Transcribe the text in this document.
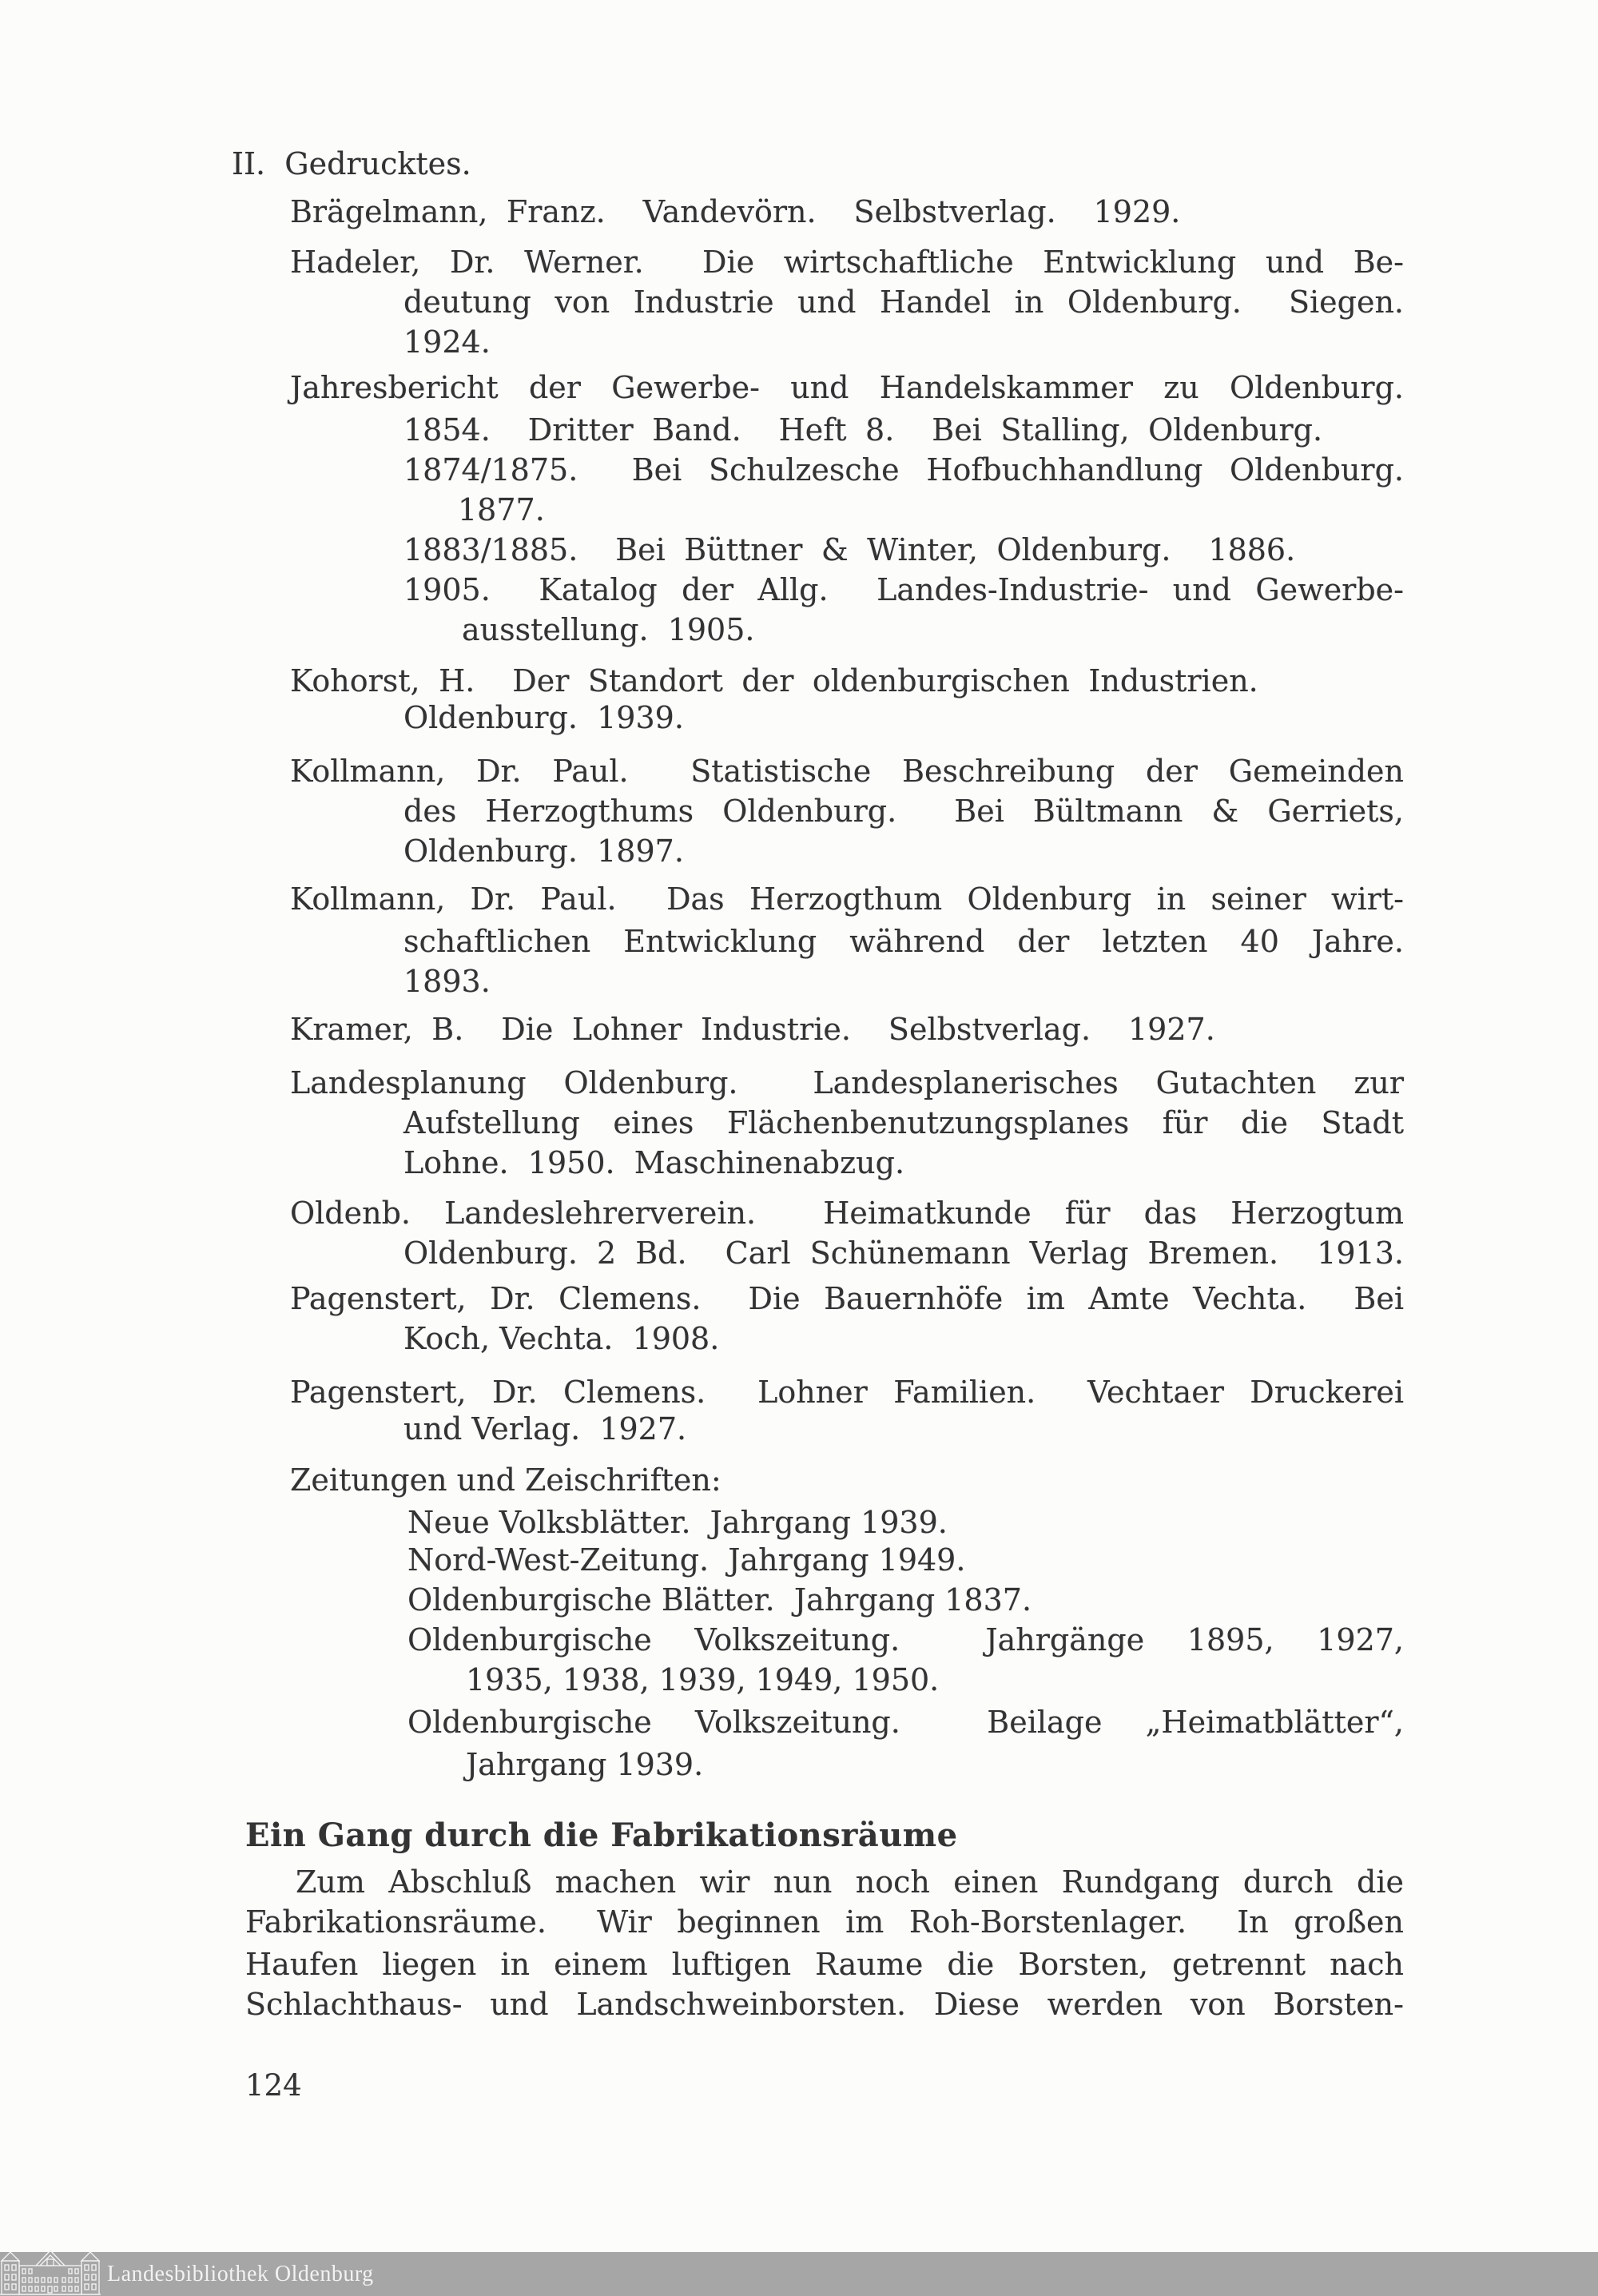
II.  Gedrucktes.
Brägelmann, Franz.  Vandevörn.  Selbstverlag.  1929.
Hadeler, Dr. Werner.  Die wirtschaftliche Entwicklung und Be-
deutung von Industrie und Handel in Oldenburg.  Siegen.
1924.
Jahresbericht der Gewerbe- und Handelskammer zu Oldenburg.
1854.  Dritter Band.  Heft 8.  Bei Stalling, Oldenburg.
1874/1875.  Bei Schulzesche Hofbuchhandlung Oldenburg.
1877.
1883/1885.  Bei Büttner & Winter, Oldenburg.  1886.
1905.  Katalog der Allg.  Landes-Industrie- und Gewerbe-
ausstellung.  1905.
Kohorst, H.  Der Standort der oldenburgischen Industrien.
Oldenburg.  1939.
Kollmann, Dr. Paul.  Statistische Beschreibung der Gemeinden
des Herzogthums Oldenburg.  Bei Bültmann & Gerriets,
Oldenburg.  1897.
Kollmann, Dr. Paul.  Das Herzogthum Oldenburg in seiner wirt-
schaftlichen Entwicklung während der letzten 40 Jahre.
1893.
Kramer, B.  Die Lohner Industrie.  Selbstverlag.  1927.
Landesplanung Oldenburg.  Landesplanerisches Gutachten zur
Aufstellung eines Flächenbenutzungsplanes für die Stadt
Lohne.  1950.  Maschinenabzug.
Oldenb. Landeslehrerverein.  Heimatkunde für das Herzogtum
Oldenburg. 2 Bd.  Carl Schünemann Verlag Bremen.  1913.
Pagenstert, Dr. Clemens.  Die Bauernhöfe im Amte Vechta.  Bei
Koch, Vechta.  1908.
Pagenstert, Dr. Clemens.  Lohner Familien.  Vechtaer Druckerei
und Verlag.  1927.
Zeitungen und Zeischriften:
Neue Volksblätter.  Jahrgang 1939.
Nord-West-Zeitung.  Jahrgang 1949.
Oldenburgische Blätter.  Jahrgang 1837.
Oldenburgische Volkszeitung.  Jahrgänge 1895, 1927,
1935, 1938, 1939, 1949, 1950.
Oldenburgische Volkszeitung.  Beilage „Heimatblätter“,
Jahrgang 1939.
Ein Gang durch die Fabrikationsräume
Zum Abschluß machen wir nun noch einen Rundgang durch die
Fabrikationsräume.  Wir beginnen im Roh-Borstenlager.  In großen
Haufen liegen in einem luftigen Raume die Borsten, getrennt nach
Schlachthaus- und Landschweinborsten. Diese werden von Borsten-
124
Landesbibliothek Oldenburg
